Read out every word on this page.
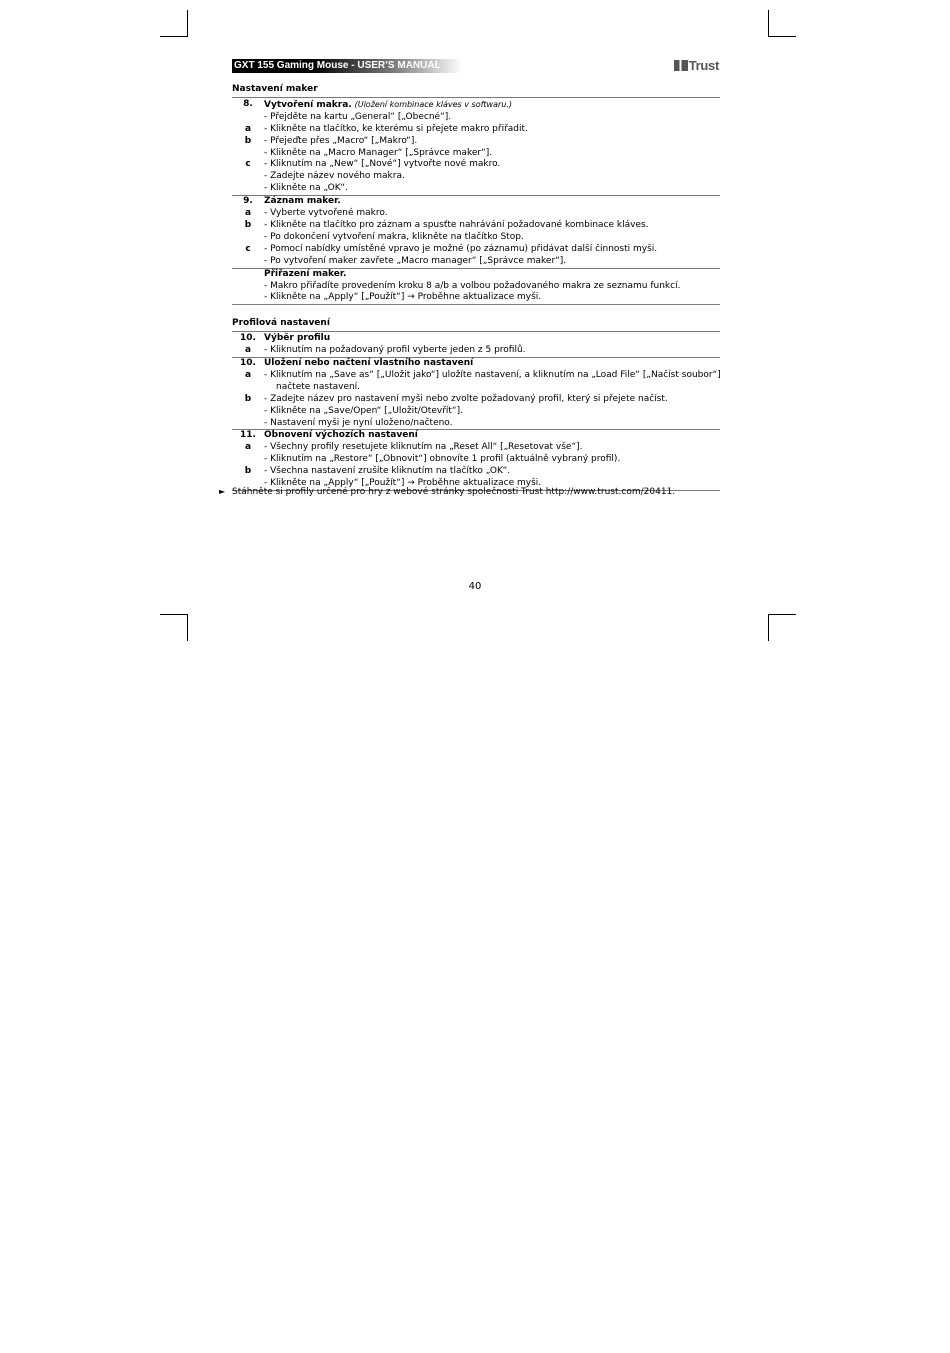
GXT 155 Gaming Mouse - USER’S MANUAL	Trust
Nastavení maker
8.	Vytvoření makra. (Uložení kombinace kláves v softwaru.)
- Přejděte na kartu „General“ [„Obecné“].
a	- Klikněte na tlačítko, ke kterému si přejete makro přiřadit.
b	- Přejeďte přes „Macro“ [„Makro“].
- Klikněte na „Macro Manager“ [„Správce maker“].
c	- Kliknutím na „New“ [„Nové“] vytvořte nové makro.
- Zadejte název nového makra.
- Klikněte na „OK“.
9.	Záznam maker.
a	- Vyberte vytvořené makro.
b	- Klikněte na tlačítko pro záznam a spusťte nahrávání požadované kombinace kláves.
- Po dokončení vytvoření makra, klikněte na tlačítko Stop.
c	- Pomocí nabídky umístěné vpravo je možné (po záznamu) přidávat další činnosti myši.
- Po vytvoření maker zavřete „Macro manager“ [„Správce maker“].
Přiřazení maker.
- Makro přiřadíte provedením kroku 8 a/b a volbou požadovaného makra ze seznamu funkcí.
- Klikněte na „Apply“ [„Použít“] → Proběhne aktualizace myši.
Profilová nastavení
10. Výběr profilu
a	- Kliknutím na požadovaný profil vyberte jeden z 5 profilů.
10. Uložení nebo načtení vlastního nastavení
a	- Kliknutím na „Save as“ [„Uložit jako“] uložíte nastavení, a kliknutím na „Load File“ [„Načíst soubor“]
načtete nastavení.
b	- Zadejte název pro nastavení myši nebo zvolte požadovaný profil, který si přejete načíst.
- Klikněte na „Save/Open“ [„Uložit/Otevřít“].
- Nastavení myši je nyní uloženo/načteno.
11. Obnovení výchozích nastavení
a	- Všechny profily resetujete kliknutím na „Reset All“ [„Resetovat vše“].
- Kliknutím na „Restore“ [„Obnovit“] obnovíte 1 profil (aktuálně vybraný profil).
b	- Všechna nastavení zrušíte kliknutím na tlačítko „OK“.
- Klikněte na „Apply“ [„Použít“] → Proběhne aktualizace myši.
► Stáhněte si profily určené pro hry z webové stránky společnosti Trust http://www.trust.com/20411.
40
